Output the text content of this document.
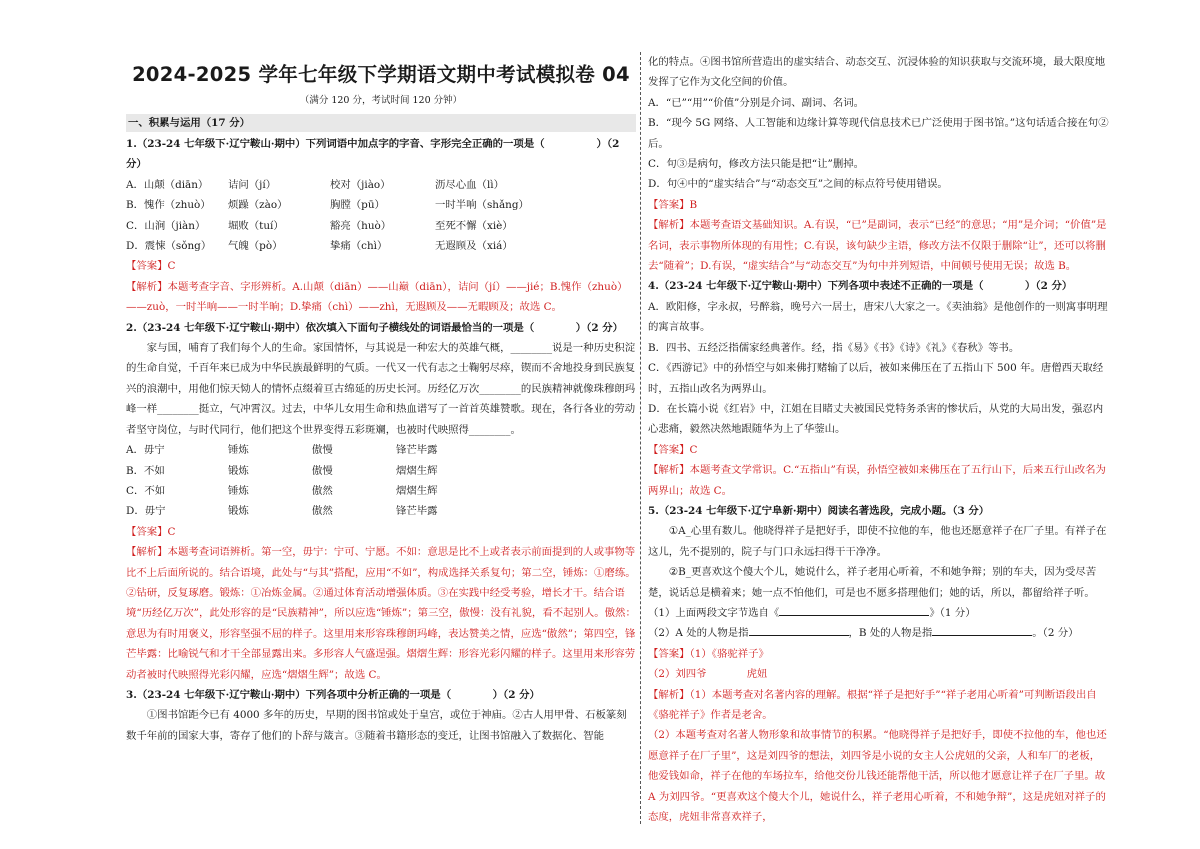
2024-2025 学年七年级下学期语文期中考试模拟卷 04
（满分 120 分，考试时间 120 分钟）
一、积累与运用（17 分）

1.（23-24 七年级下·辽宁鞍山·期中）下列词语中加点字的字音、字形完全正确的一项是（　　　　　）（2
分）

A．山颠（diān）	诘问（jí）	校对（jiào）	沥尽心血（lì）
B．愧作（zhuò）	烦躁（zào）	胸膛（pū）	一时半响（shǎng）
C．山涧（jiàn）	堀败（tuí）	豁亮（huò）	至死不懈（xiè）
D．震悚（sǒng）	气魄（pò）	挚痛（chì）	无遐顾及（xiá）

【答案】C

【解析】本题考查字音、字形辨析。A.山颠（diān）——山巅（diān），诘问（jí）——jié；B.愧作（zhuò）——zuò，一时半响——一时半晌；D.挚痛（chì）——zhì，无遐顾及——无暇顾及；故选 C。

2.（23-24 七年级下·辽宁鞍山·期中）依次填入下面句子横线处的词语最恰当的一项是（　　　　）（2 分）

家与国，哺育了我们每个人的生命。家国情怀，与其说是一种宏大的英雄气概，________说是一种历史积淀的生命自觉，千百年来已成为中华民族最鲜明的气质。一代又一代有志之士鞠躬尽瘁，锲而不舍地投身到民族复兴的浪潮中，用他们惊天恸人的情怀点缀着亘古绵延的历史长河。历经亿万次________的民族精神就像珠穆朗玛峰一样________挺立，气冲霄汉。过去，中华儿女用生命和热血谱写了一首首英雄赞歌。现在，各行各业的劳动者坚守岗位，与时代同行，他们把这个世界变得五彩斑斓，也被时代映照得________。

A．毋宁	锤炼	傲慢	锋芒毕露
B．不如	锻炼	傲慢	熠熠生辉
C．不如	锤炼	傲然	熠熠生辉
D．毋宁	锻炼	傲然	锋芒毕露

【答案】C

【解析】本题考查词语辨析。第一空，毋宁：宁可、宁愿。不如：意思是比不上或者表示前面提到的人或事物等比不上后面所说的。结合语境，此处与“与其”搭配，应用“不如”，构成选择关系复句；第二空，锤炼：①磨练。②钻研，反复琢磨。锻炼：①冶炼金属。②通过体育活动增强体质。③在实践中经受考验，增长才干。结合语境“历经亿万次”，此处形容的是“民族精神”，所以应选“锤炼”；第三空，傲慢：没有礼貌，看不起别人。傲然：意思为有时用褒义，形容坚强不屈的样子。这里用来形容珠穆朗玛峰，表达赞美之情，应选“傲然”；第四空，锋芒毕露：比喻锐气和才干全部显露出来。多形容人气盛逞强。熠熠生辉：形容光彩闪耀的样子。这里用来形容劳动者被时代映照得光彩闪耀，应选“熠熠生辉”；故选 C。

3.（23-24 七年级下·辽宁鞍山·期中）下列各项中分析正确的一项是（　　　　）（2 分）

①图书馆距今已有 4000 多年的历史，早期的图书馆或处于皇宫，或位于神庙。②古人用甲骨、石板篆刻数千年前的国家大事，寄存了他们的卜辞与箴言。③随着书籍形态的变迁，让图书馆融入了数据化、智能

化的特点。④图书馆所营造出的虚实结合、动态交互、沉浸体验的知识获取与交流环境，最大限度地发挥了它作为文化空间的价值。

A．“已”“用”“价值”分别是介词、副词、名词。

B．“现今 5G 网络、人工智能和边缘计算等现代信息技术已广泛使用于图书馆。”这句话适合接在句②后。

C．句③是病句，修改方法只能是把“让”删掉。

D．句④中的“虚实结合”与“动态交互”之间的标点符号使用错误。

【答案】B

【解析】本题考查语文基础知识。A.有误，“已”是副词，表示“已经”的意思；“用”是介词；“价值”是名词，表示事物所体现的有用性；C.有误，该句缺少主语，修改方法不仅限于删除“让”，还可以将删去“随着”；D.有误，“虚实结合”与“动态交互”为句中并列短语，中间顿号使用无误；故选 B。

4.（23-24 七年级下·辽宁鞍山·期中）下列各项中表述不正确的一项是（　　　　）（2 分）

A．欧阳修，字永叔，号醉翁，晚号六一居士，唐宋八大家之一。《卖油翁》是他创作的一则寓事明理的寓言故事。

B．四书、五经泛指儒家经典著作。经，指《易》《书》《诗》《礼》《春秋》等书。

C．《西游记》中的孙悟空与如来佛打赌输了以后，被如来佛压在了五指山下 500 年。唐僧西天取经时，五指山改名为两界山。

D．在长篇小说《红岩》中，江姐在目睹丈夫被国民党特务杀害的惨状后，从党的大局出发，强忍内心悲痛，毅然决然地跟随华为上了华蓥山。

【答案】C

【解析】本题考查文学常识。C.“五指山”有误，孙悟空被如来佛压在了五行山下，后来五行山改名为两界山；故选 C。

5.（23-24 七年级下·辽宁阜新·期中）阅读名著选段，完成小题。（3 分）

①A_心里有数儿。他晓得祥子是把好手，即使不拉他的车，他也还愿意祥子在厂子里。有祥子在这儿，先不提别的，院子与门口永远扫得干干净净。

②B_更喜欢这个傻大个儿，她说什么，祥子老用心听着，不和她争辩；别的车夫，因为受尽苦楚，说话总是横着来；她一点不怕他们，可是也不愿多搭理他们；她的话，所以，都留给祥子听。

（1）上面两段文字节选自《	》（1 分）

（2）A 处的人物是指	，B 处的人物是指	。（2 分）

【答案】（1）《骆驼祥子》

（2）刘四爷	虎妞

【解析】（1）本题考查对名著内容的理解。根据“祥子是把好手”“祥子老用心听着”可判断语段出自《骆驼祥子》作者是老舍。

（2）本题考查对名著人物形象和故事情节的积累。“他晓得祥子是把好手，即使不拉他的车，他也还愿意祥子在厂子里”，这是刘四爷的想法，刘四爷是小说的女主人公虎妞的父亲，人和车厂的老板，他爱钱如命，祥子在他的车场拉车，给他交份儿钱还能帮他干活，所以他才愿意让祥子在厂子里。故 A 为刘四爷。“更喜欢这个傻大个儿，她说什么，祥子老用心听着，不和她争辩”，这是虎妞对祥子的态度，虎妞非常喜欢祥子，
